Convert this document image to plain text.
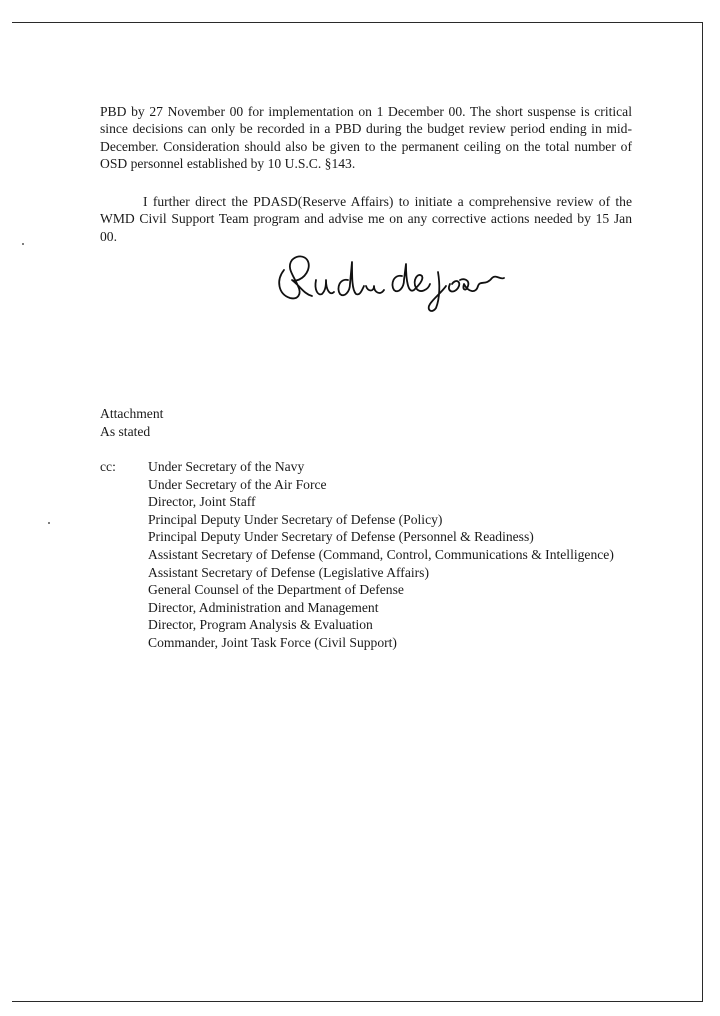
PBD by 27 November 00 for implementation on 1 December 00. The short suspense is critical since decisions can only be recorded in a PBD during the budget review period ending in mid-December. Consideration should also be given to the permanent ceiling on the total number of OSD personnel established by 10 U.S.C. §143.

I further direct the PDASD(Reserve Affairs) to initiate a comprehensive review of the WMD Civil Support Team program and advise me on any corrective actions needed by 15 Jan 00.

Attachment
As stated
cc: Under Secretary of the Navy
Under Secretary of the Air Force
Director, Joint Staff
Principal Deputy Under Secretary of Defense (Policy)
Principal Deputy Under Secretary of Defense (Personnel & Readiness)
Assistant Secretary of Defense (Command, Control, Communications & Intelligence)
Assistant Secretary of Defense (Legislative Affairs)
General Counsel of the Department of Defense
Director, Administration and Management
Director, Program Analysis & Evaluation
Commander, Joint Task Force (Civil Support)
